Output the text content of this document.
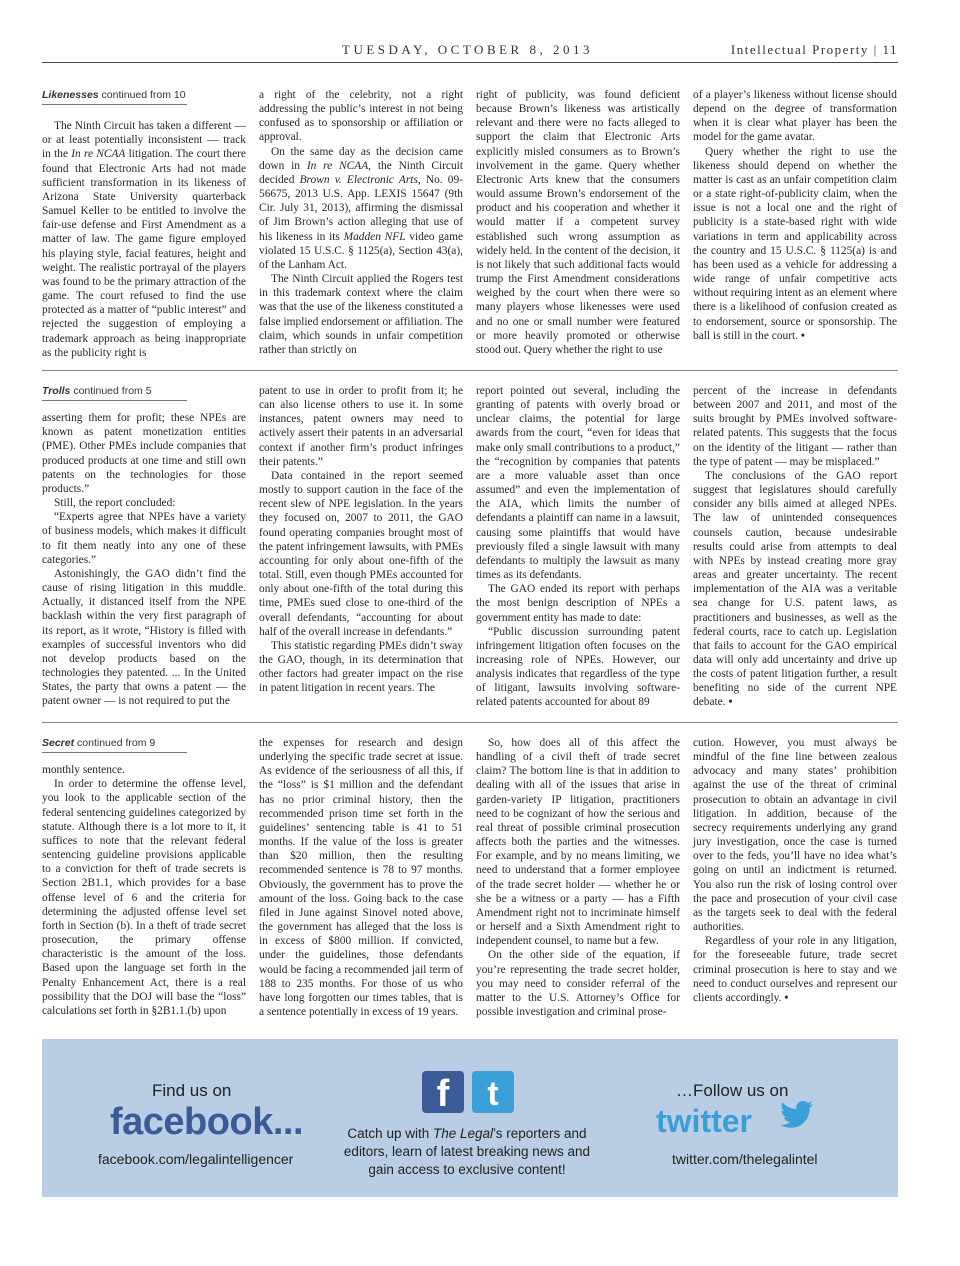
TUESDAY, OCTOBER 8, 2013	Intellectual Property | 11
Likenesses continued from 10

The Ninth Circuit has taken a different — or at least potentially inconsistent — track in the In re NCAA litigation. The court there found that Electronic Arts had not made sufficient transformation in its likeness of Arizona State University quarterback Samuel Keller to be entitled to involve the fair-use defense and First Amendment as a matter of law. The game figure employed his playing style, facial features, height and weight. The realistic portrayal of the players was found to be the primary attraction of the game. The court refused to find the use protected as a matter of “public interest” and rejected the suggestion of employing a trademark approach as being inappropriate as the publicity right is

a right of the celebrity, not a right addressing the public’s interest in not being confused as to sponsorship or affiliation or approval.

On the same day as the decision came down in In re NCAA, the Ninth Circuit decided Brown v. Electronic Arts, No. 09-56675, 2013 U.S. App. LEXIS 15647 (9th Cir. July 31, 2013), affirming the dismissal of Jim Brown’s action alleging that use of his likeness in its Madden NFL video game violated 15 U.S.C. § 1125(a), Section 43(a), of the Lanham Act.

The Ninth Circuit applied the Rogers test in this trademark context where the claim was that the use of the likeness constituted a false implied endorsement or affiliation. The claim, which sounds in unfair competition rather than strictly on

right of publicity, was found deficient because Brown’s likeness was artistically relevant and there were no facts alleged to support the claim that Electronic Arts explicitly misled consumers as to Brown’s involvement in the game. Query whether Electronic Arts knew that the consumers would assume Brown’s endorsement of the product and his cooperation and whether it would matter if a competent survey established such wrong assumption as widely held. In the content of the decision, it is not likely that such additional facts would trump the First Amendment considerations weighed by the court when there were so many players whose likenesses were used and no one or small number were featured or more heavily promoted or otherwise stood out. Query whether the right to use

of a player’s likeness without license should depend on the degree of transformation when it is clear what player has been the model for the game avatar.

Query whether the right to use the likeness should depend on whether the matter is cast as an unfair competition claim or a state right-of-publicity claim, when the issue is not a local one and the right of publicity is a state-based right with wide variations in term and applicability across the country and 15 U.S.C. § 1125(a) is and has been used as a vehicle for addressing a wide range of unfair competitive acts without requiring intent as an element where there is a likelihood of confusion created as to endorsement, source or sponsorship. The ball is still in the court. •

Trolls continued from 5

asserting them for profit; these NPEs are known as patent monetization entities (PME). Other PMEs include companies that produced products at one time and still own patents on the technologies for those products.”

Still, the report concluded:

“Experts agree that NPEs have a variety of business models, which makes it difficult to fit them neatly into any one of these categories.”

Astonishingly, the GAO didn’t find the cause of rising litigation in this muddle. Actually, it distanced itself from the NPE backlash within the very first paragraph of its report, as it wrote, “History is filled with examples of successful inventors who did not develop products based on the technologies they patented. ... In the United States, the party that owns a patent — the patent owner — is not required to put the

patent to use in order to profit from it; he can also license others to use it. In some instances, patent owners may need to actively assert their patents in an adversarial context if another firm’s product infringes their patents.”

Data contained in the report seemed mostly to support caution in the face of the recent slew of NPE legislation. In the years they focused on, 2007 to 2011, the GAO found operating companies brought most of the patent infringement lawsuits, with PMEs accounting for only about one-fifth of the total. Still, even though PMEs accounted for only about one-fifth of the total during this time, PMEs sued close to one-third of the overall defendants, “accounting for about half of the overall increase in defendants.”

This statistic regarding PMEs didn’t sway the GAO, though, in its determination that other factors had greater impact on the rise in patent litigation in recent years. The

report pointed out several, including the granting of patents with overly broad or unclear claims, the potential for large awards from the court, “even for ideas that make only small contributions to a product,” the “recognition by companies that patents are a more valuable asset than once assumed” and even the implementation of the AIA, which limits the number of defendants a plaintiff can name in a lawsuit, causing some plaintiffs that would have previously filed a single lawsuit with many defendants to multiply the lawsuit as many times as its defendants.

The GAO ended its report with perhaps the most benign description of NPEs a government entity has made to date:

“Public discussion surrounding patent infringement litigation often focuses on the increasing role of NPEs. However, our analysis indicates that regardless of the type of litigant, lawsuits involving software-related patents accounted for about 89

percent of the increase in defendants between 2007 and 2011, and most of the suits brought by PMEs involved software-related patents. This suggests that the focus on the identity of the litigant — rather than the type of patent — may be misplaced.”

The conclusions of the GAO report suggest that legislatures should carefully consider any bills aimed at alleged NPEs. The law of unintended consequences counsels caution, because undesirable results could arise from attempts to deal with NPEs by instead creating more gray areas and greater uncertainty. The recent implementation of the AIA was a veritable sea change for U.S. patent laws, as practitioners and businesses, as well as the federal courts, race to catch up. Legislation that fails to account for the GAO empirical data will only add uncertainty and drive up the costs of patent litigation further, a result benefiting no side of the current NPE debate. •

Secret continued from 9

monthly sentence.

In order to determine the offense level, you look to the applicable section of the federal sentencing guidelines categorized by statute. Although there is a lot more to it, it suffices to note that the relevant federal sentencing guideline provisions applicable to a conviction for theft of trade secrets is Section 2B1.1, which provides for a base offense level of 6 and the criteria for determining the adjusted offense level set forth in Section (b). In a theft of trade secret prosecution, the primary offense characteristic is the amount of the loss. Based upon the language set forth in the Penalty Enhancement Act, there is a real possibility that the DOJ will base the “loss” calculations set forth in §2B1.1.(b) upon

the expenses for research and design underlying the specific trade secret at issue. As evidence of the seriousness of all this, if the “loss” is $1 million and the defendant has no prior criminal history, then the recommended prison time set forth in the guidelines’ sentencing table is 41 to 51 months. If the value of the loss is greater than $20 million, then the resulting recommended sentence is 78 to 97 months. Obviously, the government has to prove the amount of the loss. Going back to the case filed in June against Sinovel noted above, the government has alleged that the loss is in excess of $800 million. If convicted, under the guidelines, those defendants would be facing a recommended jail term of 188 to 235 months. For those of us who have long forgotten our times tables, that is a sentence potentially in excess of 19 years.

So, how does all of this affect the handling of a civil theft of trade secret claim? The bottom line is that in addition to dealing with all of the issues that arise in garden-variety IP litigation, practitioners need to be cognizant of how the serious and real threat of possible criminal prosecution affects both the parties and the witnesses. For example, and by no means limiting, we need to understand that a former employee of the trade secret holder — whether he or she be a witness or a party — has a Fifth Amendment right not to incriminate himself or herself and a Sixth Amendment right to independent counsel, to name but a few.

On the other side of the equation, if you’re representing the trade secret holder, you may need to consider referral of the matter to the U.S. Attorney’s Office for possible investigation and criminal prose-

cution. However, you must always be mindful of the fine line between zealous advocacy and many states’ prohibition against the use of the threat of criminal prosecution to obtain an advantage in civil litigation. In addition, because of the secrecy requirements underlying any grand jury investigation, once the case is turned over to the feds, you’ll have no idea what’s going on until an indictment is returned. You also run the risk of losing control over the pace and prosecution of your civil case as the targets seek to deal with the federal authorities.

Regardless of your role in any litigation, for the foreseeable future, trade secret criminal prosecution is here to stay and we need to conduct ourselves and represent our clients accordingly. •

Find us on
facebook...
facebook.com/legalintelligencer
f	t
Catch up with The Legal’s reporters and editors, learn of latest breaking news and gain access to exclusive content!
…Follow us on
twitter
twitter.com/thelegalintel
